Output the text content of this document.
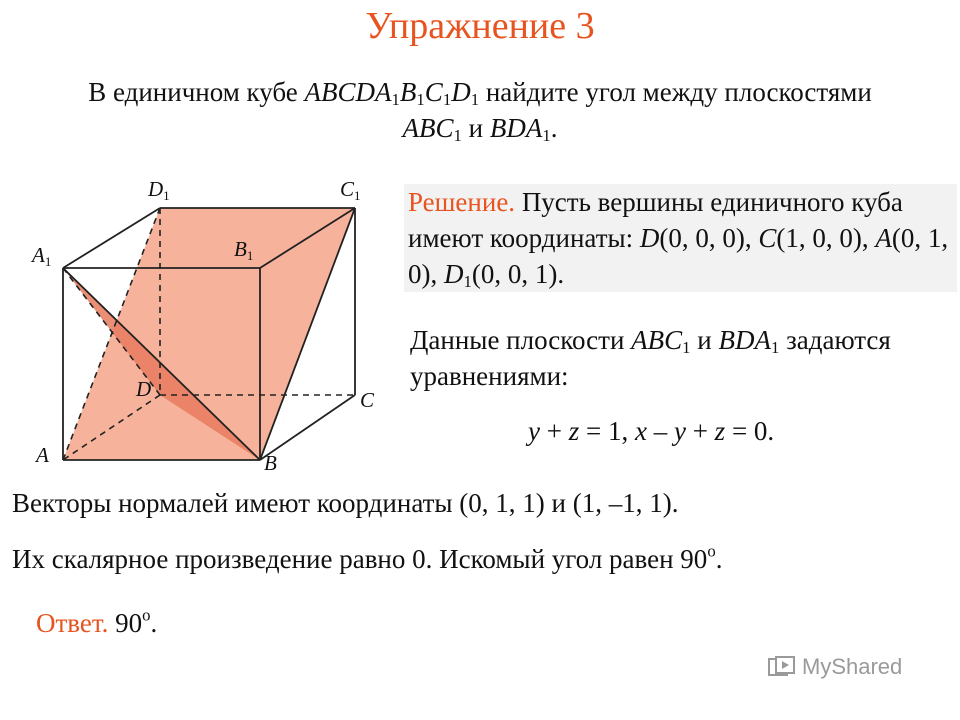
Упражнение 3
В единичном кубе $ABCDA_1B_1C_1D_1$ найдите угол между плоскостями
$ABC_1$ и $BDA_1$.
Решение. Пусть вершины единичного куба имеют координаты: D(0, 0, 0), C(1, 0, 0), A(0, 1, 0), $D_1(0$, 0, 1).
Данные плоскости $ABC_1$ и $BDA_1$ задаются уравнениями:
y + z = 1, x – y + z = 0.
Векторы нормалей имеют координаты (0, 1, 1) и (1, –1, 1).
Их скалярное произведение равно 0. Искомый угол равен 90$^o$.
Ответ. 90$^o$.
A	B
C
D
A1
B1
C1
D1
MyShared
